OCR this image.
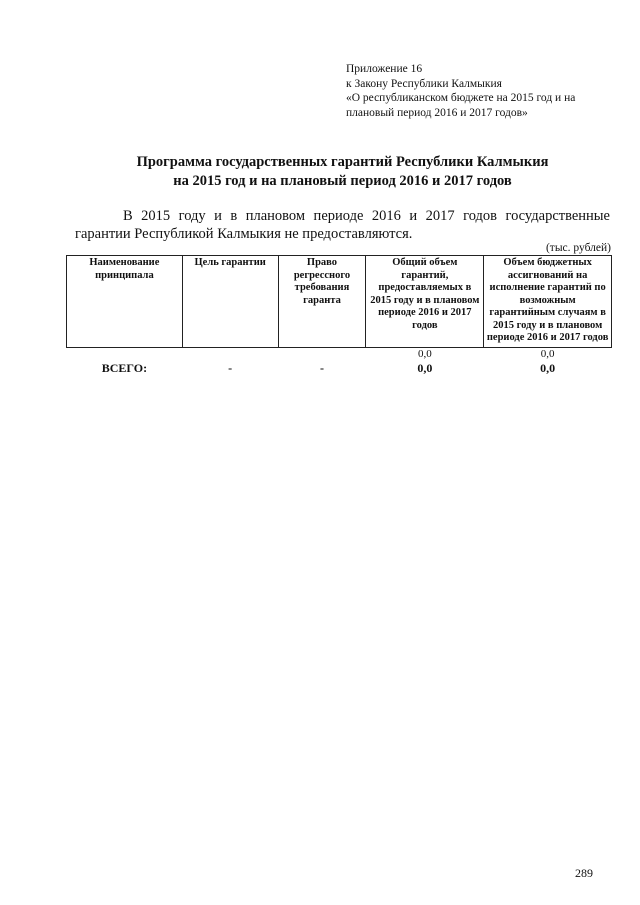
Приложение 16
к Закону Республики Калмыкия
«О республиканском бюджете на 2015 год и на
плановый период 2016 и 2017 годов»
Программа государственных гарантий Республики Калмыкия
на 2015 год и на плановый период 2016 и 2017 годов
В 2015 году и в плановом периоде 2016 и 2017 годов государственные гарантии Республикой Калмыкия не предоставляются.
(тыс. рублей)
Наименование принципала	Цель гарантии	Право регрессного требования гаранта	Общий объем гарантий, предоставляемых в 2015 году и в плановом периоде 2016 и 2017 годов	Объем бюджетных ассигнований на исполнение гарантий по возможным гарантийным случаям в 2015 году и в плановом периоде 2016 и 2017 годов
			0,0	0,0
ВСЕГО:	-	-	0,0	0,0
289
